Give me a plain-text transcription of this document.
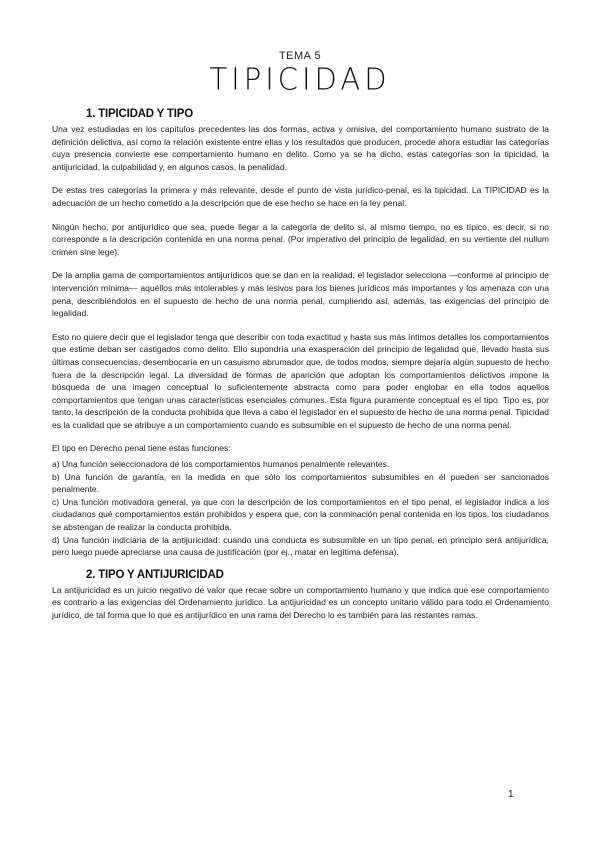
TEMA 5
TIPICIDAD
1. TIPICIDAD Y TIPO

Una vez estudiadas en los capítulos precedentes las dos formas, activa y omisiva, del comportamiento humano sustrato de la definición delictiva, así como la relación existente entre ellas y los resultados que producen, procede ahora estudiar las categorías cuya presencia convierte ese comportamiento humano en delito. Como ya se ha dicho, estas categorías son la tipicidad, la antijuricidad, la culpabilidad y, en algunos casos, la penalidad.

De estas tres categorías la primera y más relevante, desde el punto de vista jurídico-penal, es la tipicidad. La TIPICIDAD es la adecuación de un hecho cometido a la descripción que de ese hecho se hace en la ley penal.

Ningún hecho, por antijurídico que sea, puede llegar a la categoría de delito si, al mismo tiempo, no es típico, es decir, si no corresponde a la descripción contenida en una norma penal. (Por imperativo del principio de legalidad, en su vertiente del nullum crimen sine lege).

De la amplia gama de comportamientos antijurídicos que se dan en la realidad, el legislador selecciona —conforme al principio de intervención mínima— aquéllos más intolerables y más lesivos para los bienes jurídicos más importantes y los amenaza con una pena, describiéndolos en el supuesto de hecho de una norma penal, cumpliendo así, además, las exigencias del principio de legalidad.

Esto no quiere decir que el legislador tenga que describir con toda exactitud y hasta sus más íntimos detalles los comportamientos que estime deban ser castigados como delito. Ello supondría una exasperación del principio de legalidad que, llevado hasta sus últimas consecuencias, desembocaría en un casuismo abrumador que, de todos modos, siempre dejaría algún supuesto de hecho fuera de la descripción legal. La diversidad de formas de aparición que adoptan los comportamientos delictivos impone la búsqueda de una imagen conceptual lo suficientemente abstracta como para poder englobar en ella todos aquellos comportamientos que tengan unas características esenciales comunes. Esta figura puramente conceptual es el tipo. Tipo es, por tanto, la descripción de la conducta prohibida que lleva a cabo el legislador en el supuesto de hecho de una norma penal. Tipicidad es la cualidad que se atribuye a un comportamiento cuando es subsumible en el supuesto de hecho de una norma penal.

El tipo en Derecho penal tiene estas funciones:

a) Una función seleccionadora de los comportamientos humanos penalmente relevantes.

b) Una función de garantía, en la medida en que sólo los comportamientos subsumibles en él pueden ser sancionados penalmente.

c) Una función motivadora general, ya que con la descripción de los comportamientos en el tipo penal, el legislador indica a los ciudadanos qué comportamientos están prohibidos y espera que, con la conminación penal contenida en los tipos, los ciudadanos se abstengan de realizar la conducta prohibida.

d) Una función indiciaria de la antijuricidad: cuando una conducta es subsumible en un tipo penal, en principio será antijurídica, pero luego puede apreciarse una causa de justificación (por ej., matar en legítima defensa).

2. TIPO Y ANTIJURICIDAD

La antijuricidad es un juicio negativo de valor que recae sobre un comportamiento humano y que indica que ese comportamiento es contrario a las exigencias del Ordenamiento jurídico. La antijuricidad es un concepto unitario válido para todo el Ordenamiento jurídico, de tal forma que lo que es antijurídico en una rama del Derecho lo es también para las restantes ramas.

1
